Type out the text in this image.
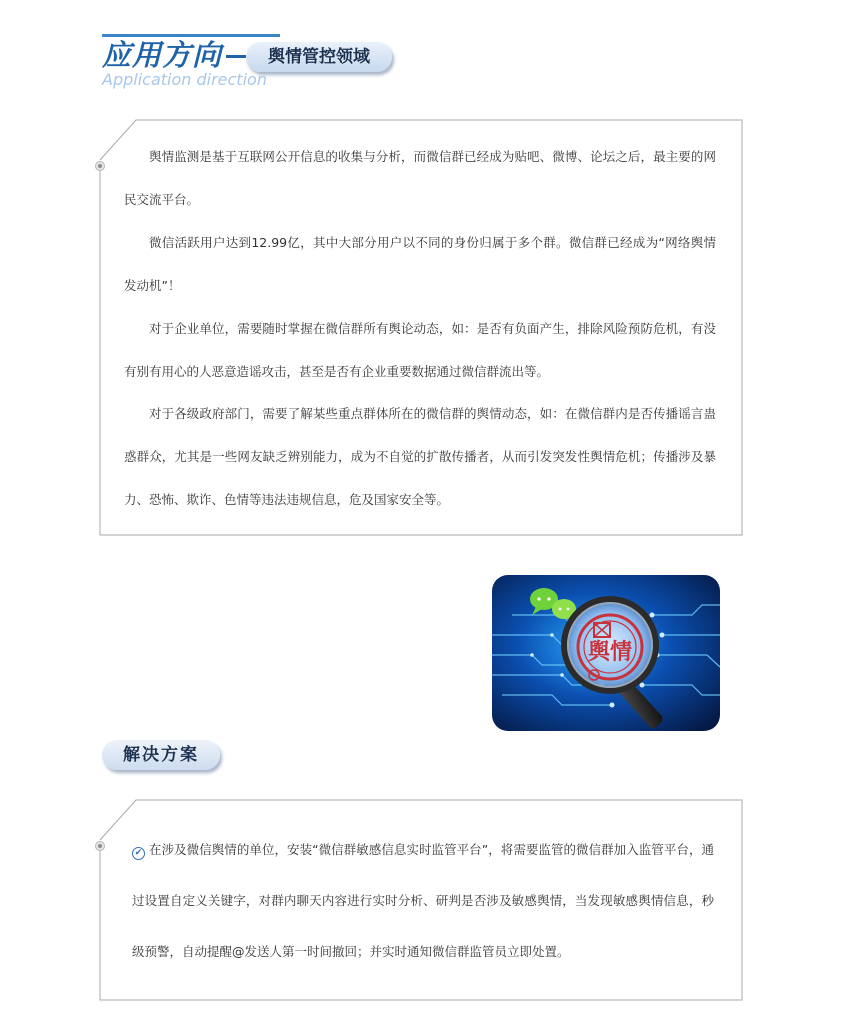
应用方向	舆情管控领域
Application direction

舆情监测是基于互联网公开信息的收集与分析，而微信群已经成为贴吧、微博、论坛之后，最主要的网民交流平台。

微信活跃用户达到12.99亿，其中大部分用户以不同的身份归属于多个群。微信群已经成为“网络舆情发动机”！

对于企业单位，需要随时掌握在微信群所有舆论动态，如：是否有负面产生，排除风险预防危机，有没有别有用心的人恶意造谣攻击，甚至是否有企业重要数据通过微信群流出等。

对于各级政府部门，需要了解某些重点群体所在的微信群的舆情动态，如：在微信群内是否传播谣言蛊惑群众，尤其是一些网友缺乏辨别能力，成为不自觉的扩散传播者，从而引发突发性舆情危机；传播涉及暴力、恐怖、欺诈、色情等违法违规信息，危及国家安全等。

舆情
解决方案

✔ 在涉及微信舆情的单位，安装“微信群敏感信息实时监管平台”，将需要监管的微信群加入监管平台，通过设置自定义关键字，对群内聊天内容进行实时分析、研判是否涉及敏感舆情，当发现敏感舆情信息，秒级预警，自动提醒@发送人第一时间撤回；并实时通知微信群监管员立即处置。
